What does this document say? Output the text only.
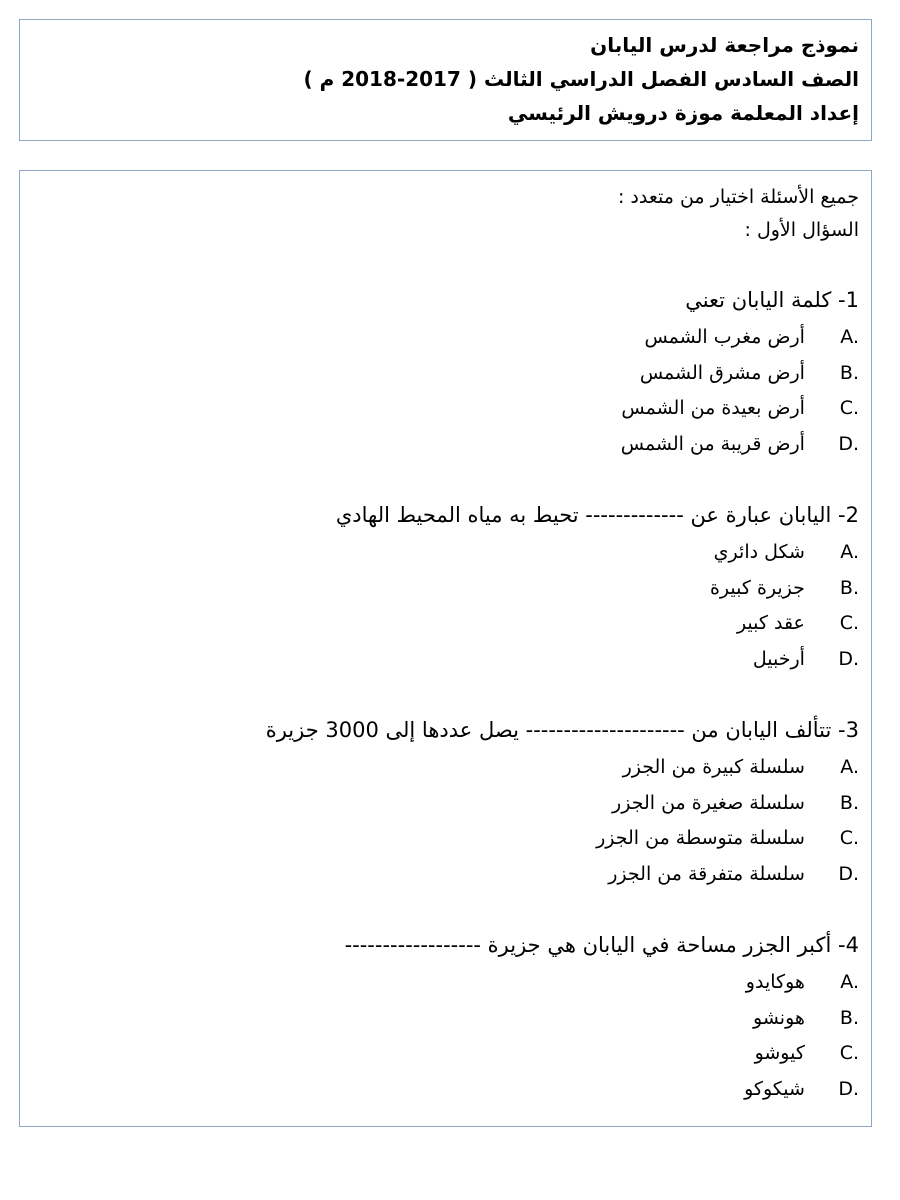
نموذج مراجعة لدرس اليابان
الصف السادس الفصل الدراسي الثالث ( 2017-2018 م )
إعداد المعلمة موزة درويش الرئيسي
جميع الأسئلة اختيار من متعدد :
السؤال الأول :
1- كلمة اليابان تعني
A.  أرض مغرب الشمس
B.  أرض مشرق الشمس
C.  أرض بعيدة من الشمس
D.  أرض قريبة من الشمس
2- اليابان عبارة عن ------------- تحيط به مياه المحيط الهادي
A.  شكل دائري
B.  جزيرة كبيرة
C.  عقد كبير
D.  أرخبيل
3- تتألف اليابان من --------------------- يصل عددها إلى 3000 جزيرة
A.  سلسلة كبيرة من الجزر
B.  سلسلة صغيرة من الجزر
C.  سلسلة متوسطة من الجزر
D.  سلسلة متفرقة من الجزر
4- أكبر الجزر مساحة في اليابان هي جزيرة ------------------
A.  هوكايدو
B.  هونشو
C.  كيوشو
D.  شيكوكو
